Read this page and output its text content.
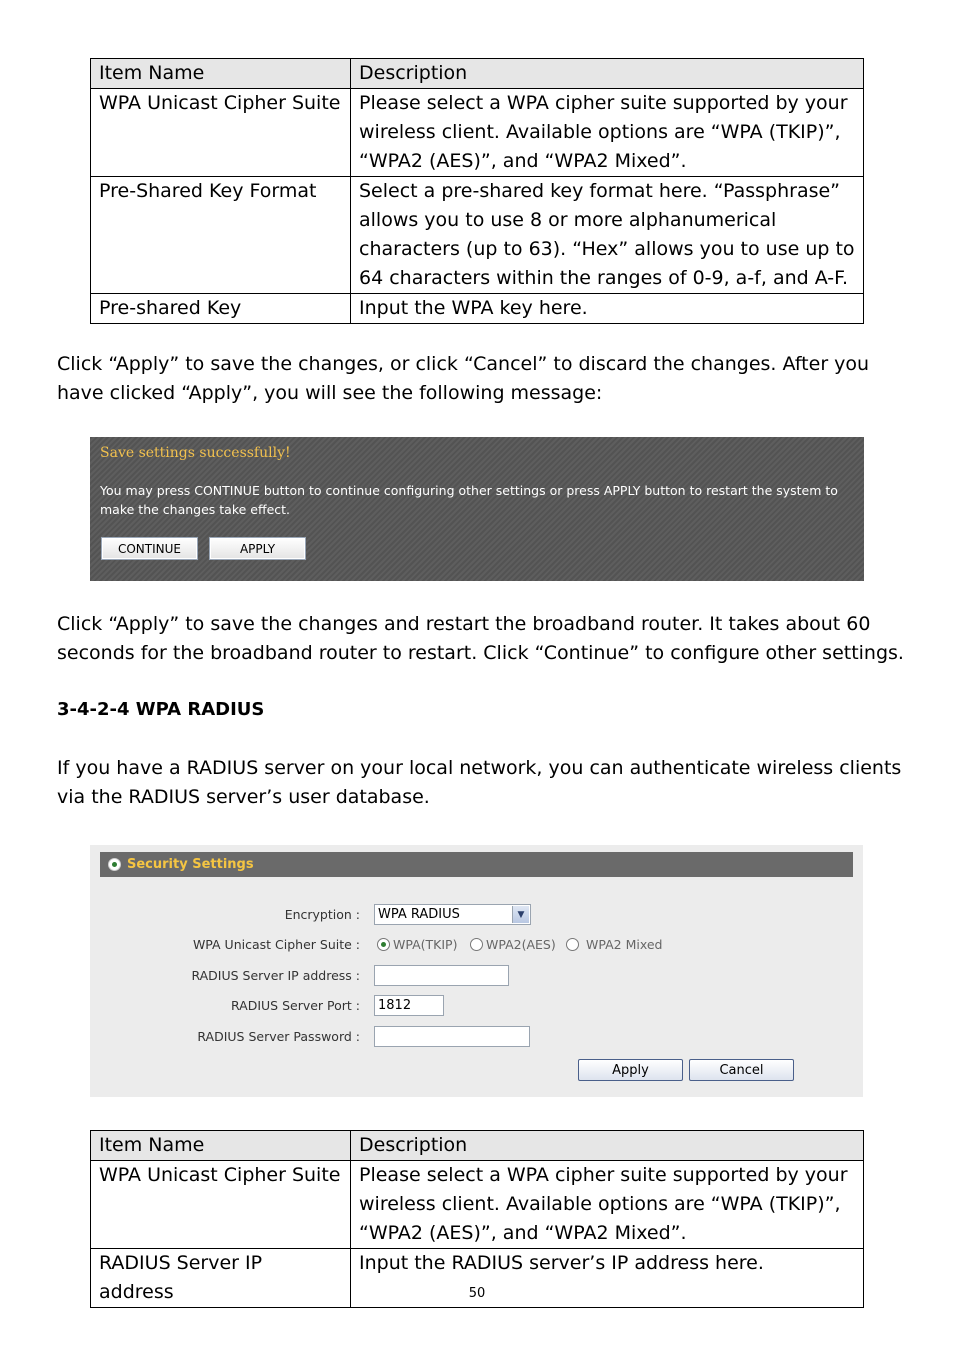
Item Name	Description
WPA Unicast Cipher Suite	Please select a WPA cipher suite supported by your wireless client. Available options are “WPA (TKIP)”, “WPA2 (AES)”, and “WPA2 Mixed”.
Pre-Shared Key Format	Select a pre-shared key format here. “Passphrase” allows you to use 8 or more alphanumerical characters (up to 63). “Hex” allows you to use up to 64 characters within the ranges of 0-9, a-f, and A-F.
Pre-shared Key	Input the WPA key here.
Click “Apply” to save the changes, or click “Cancel” to discard the changes. After you have clicked “Apply”, you will see the following message:
Save settings successfully!
You may press CONTINUE button to continue configuring other settings or press APPLY button to restart the system to make the changes take effect.
CONTINUE	APPLY
Click “Apply” to save the changes and restart the broadband router. It takes about 60 seconds for the broadband router to restart. Click “Continue” to configure other settings.
3-4-2-4 WPA RADIUS
If you have a RADIUS server on your local network, you can authenticate wireless clients via the RADIUS server’s user database.
Security Settings
Encryption :	WPA RADIUS	▼
WPA Unicast Cipher Suite :	WPA(TKIP) WPA2(AES) WPA2 Mixed
RADIUS Server IP address :
RADIUS Server Port :	1812
RADIUS Server Password :
Apply	Cancel
Item Name	Description
WPA Unicast Cipher Suite	Please select a WPA cipher suite supported by your wireless client. Available options are “WPA (TKIP)”, “WPA2 (AES)”, and “WPA2 Mixed”.
RADIUS Server IP address	Input the RADIUS server’s IP address here.
50
